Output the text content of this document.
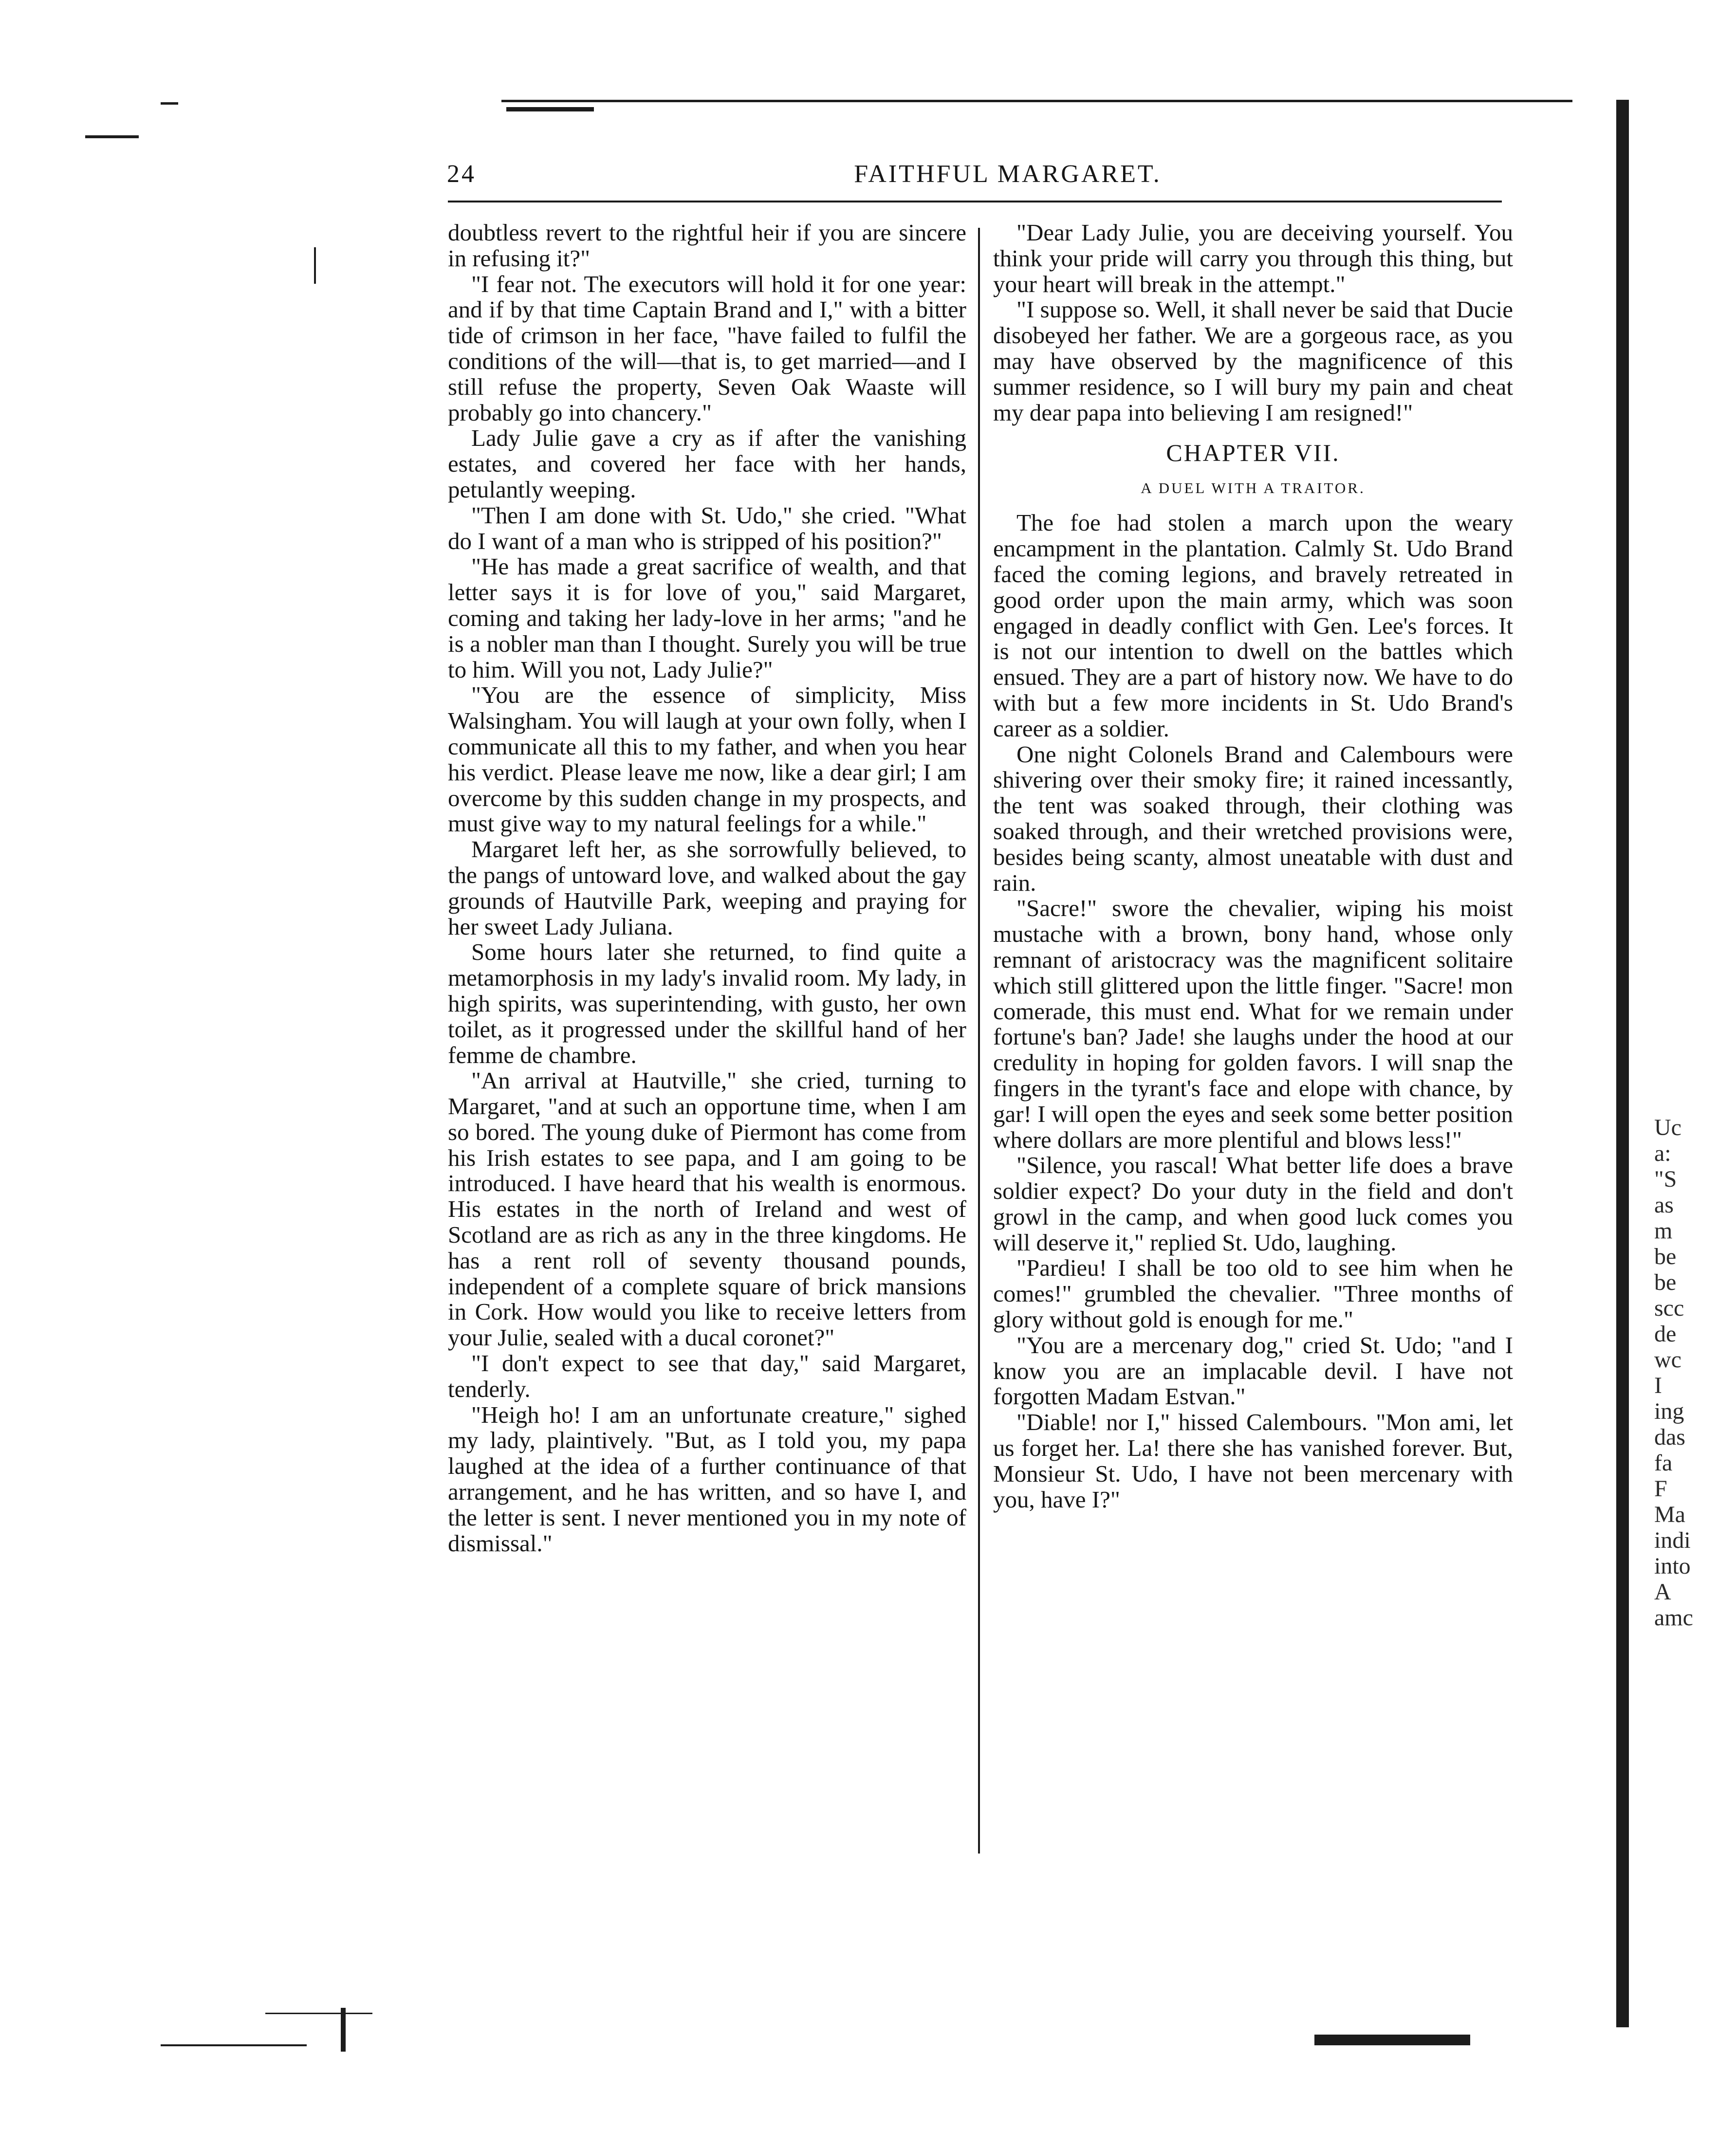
24	FAITHFUL MARGARET.

doubtless revert to the rightful heir if you are sincere in refusing it?"

"I fear not. The executors will hold it for one year: and if by that time Captain Brand and I," with a bitter tide of crimson in her face, "have failed to fulfil the conditions of the will—that is, to get married—and I still refuse the property, Seven Oak Waaste will probably go into chancery."

Lady Julie gave a cry as if after the vanishing estates, and covered her face with her hands, petulantly weeping.

"Then I am done with St. Udo," she cried. "What do I want of a man who is stripped of his position?"

"He has made a great sacrifice of wealth, and that letter says it is for love of you," said Margaret, coming and taking her lady-love in her arms; "and he is a nobler man than I thought. Surely you will be true to him. Will you not, Lady Julie?"

"You are the essence of simplicity, Miss Walsingham. You will laugh at your own folly, when I communicate all this to my father, and when you hear his verdict. Please leave me now, like a dear girl; I am overcome by this sudden change in my prospects, and must give way to my natural feelings for a while."

Margaret left her, as she sorrowfully believed, to the pangs of untoward love, and walked about the gay grounds of Hautville Park, weeping and praying for her sweet Lady Juliana.

Some hours later she returned, to find quite a metamorphosis in my lady's invalid room. My lady, in high spirits, was superintending, with gusto, her own toilet, as it progressed under the skillful hand of her femme de chambre.

"An arrival at Hautville," she cried, turning to Margaret, "and at such an opportune time, when I am so bored. The young duke of Piermont has come from his Irish estates to see papa, and I am going to be introduced. I have heard that his wealth is enormous. His estates in the north of Ireland and west of Scotland are as rich as any in the three kingdoms. He has a rent roll of seventy thousand pounds, independent of a complete square of brick mansions in Cork. How would you like to receive letters from your Julie, sealed with a ducal coronet?"

"I don't expect to see that day," said Margaret, tenderly.

"Heigh ho! I am an unfortunate creature," sighed my lady, plaintively. "But, as I told you, my papa laughed at the idea of a further continuance of that arrangement, and he has written, and so have I, and the letter is sent. I never mentioned you in my note of dismissal."

"Dear Lady Julie, you are deceiving yourself. You think your pride will carry you through this thing, but your heart will break in the attempt."

"I suppose so. Well, it shall never be said that Ducie disobeyed her father. We are a gorgeous race, as you may have observed by the magnificence of this summer residence, so I will bury my pain and cheat my dear papa into believing I am resigned!"

CHAPTER VII.
A DUEL WITH A TRAITOR.

The foe had stolen a march upon the weary encampment in the plantation. Calmly St. Udo Brand faced the coming legions, and bravely retreated in good order upon the main army, which was soon engaged in deadly conflict with Gen. Lee's forces. It is not our intention to dwell on the battles which ensued. They are a part of history now. We have to do with but a few more incidents in St. Udo Brand's career as a soldier.

One night Colonels Brand and Calembours were shivering over their smoky fire; it rained incessantly, the tent was soaked through, their clothing was soaked through, and their wretched provisions were, besides being scanty, almost uneatable with dust and rain.

"Sacre!" swore the chevalier, wiping his moist mustache with a brown, bony hand, whose only remnant of aristocracy was the magnificent solitaire which still glittered upon the little finger. "Sacre! mon comerade, this must end. What for we remain under fortune's ban? Jade! she laughs under the hood at our credulity in hoping for golden favors. I will snap the fingers in the tyrant's face and elope with chance, by gar! I will open the eyes and seek some better position where dollars are more plentiful and blows less!"

"Silence, you rascal! What better life does a brave soldier expect? Do your duty in the field and don't growl in the camp, and when good luck comes you will deserve it," replied St. Udo, laughing.

"Pardieu! I shall be too old to see him when he comes!" grumbled the chevalier. "Three months of glory without gold is enough for me."

"You are a mercenary dog," cried St. Udo; "and I know you are an implacable devil. I have not forgotten Madam Estvan."

"Diable! nor I," hissed Calembours. "Mon ami, let us forget her. La! there she has vanished forever. But, Monsieur St. Udo, I have not been mercenary with you, have I?"

Uc
a:
"S
as
m
be
be
scc
de
wc
I
ing
das
fa
F
Ma
indi
into
A
amc
